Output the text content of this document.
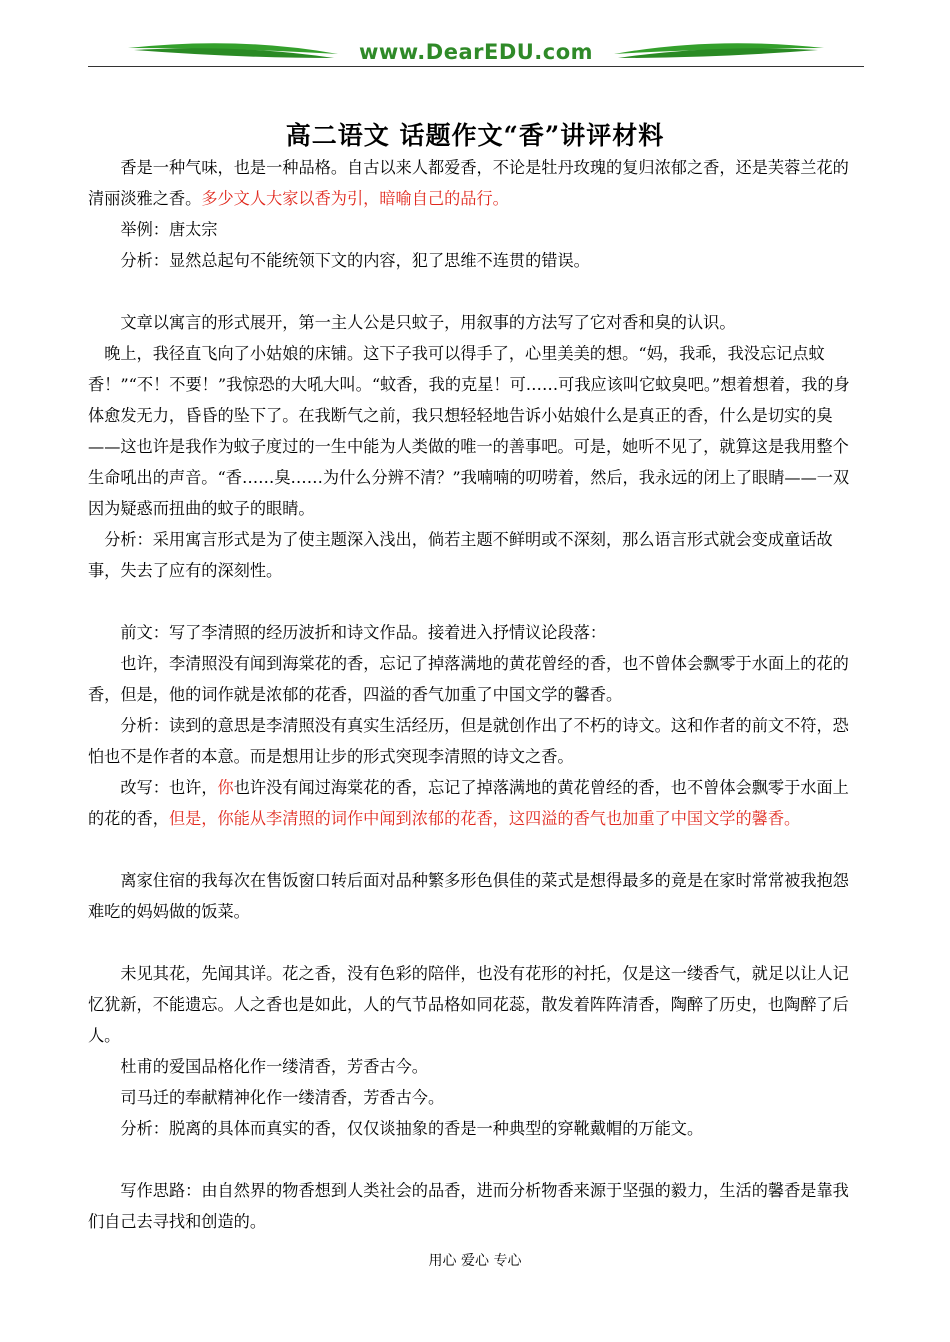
www.DearEDU.com
高二语文 话题作文“香”讲评材料

香是一种气味，也是一种品格。自古以来人都爱香，不论是牡丹玫瑰的复归浓郁之香，还是芙蓉兰花的清丽淡雅之香。多少文人大家以香为引，暗喻自己的品行。

举例：唐太宗

分析：显然总起句不能统领下文的内容，犯了思维不连贯的错误。

文章以寓言的形式展开，第一主人公是只蚊子，用叙事的方法写了它对香和臭的认识。

晚上，我径直飞向了小姑娘的床铺。这下子我可以得手了，心里美美的想。“妈，我乖，我没忘记点蚊香！”“不！不要！”我惊恐的大吼大叫。“蚊香，我的克星！可……可我应该叫它蚊臭吧。”想着想着，我的身体愈发无力，昏昏的坠下了。在我断气之前，我只想轻轻地告诉小姑娘什么是真正的香，什么是切实的臭——这也许是我作为蚊子度过的一生中能为人类做的唯一的善事吧。可是，她听不见了，就算这是我用整个生命吼出的声音。“香……臭……为什么分辨不清？”我喃喃的叨唠着，然后，我永远的闭上了眼睛——一双因为疑惑而扭曲的蚊子的眼睛。

分析：采用寓言形式是为了使主题深入浅出，倘若主题不鲜明或不深刻，那么语言形式就会变成童话故事，失去了应有的深刻性。

前文：写了李清照的经历波折和诗文作品。接着进入抒情议论段落：

也许，李清照没有闻到海棠花的香，忘记了掉落满地的黄花曾经的香，也不曾体会飘零于水面上的花的香，但是，他的词作就是浓郁的花香，四溢的香气加重了中国文学的馨香。

分析：读到的意思是李清照没有真实生活经历，但是就创作出了不朽的诗文。这和作者的前文不符，恐怕也不是作者的本意。而是想用让步的形式突现李清照的诗文之香。

改写：也许，你也许没有闻过海棠花的香，忘记了掉落满地的黄花曾经的香，也不曾体会飘零于水面上的花的香，但是，你能从李清照的词作中闻到浓郁的花香，这四溢的香气也加重了中国文学的馨香。

离家住宿的我每次在售饭窗口转后面对品种繁多形色俱佳的菜式是想得最多的竟是在家时常常被我抱怨难吃的妈妈做的饭菜。

未见其花，先闻其详。花之香，没有色彩的陪伴，也没有花形的衬托，仅是这一缕香气，就足以让人记忆犹新，不能遗忘。人之香也是如此，人的气节品格如同花蕊，散发着阵阵清香，陶醉了历史，也陶醉了后人。

杜甫的爱国品格化作一缕清香，芳香古今。

司马迁的奉献精神化作一缕清香，芳香古今。

分析：脱离的具体而真实的香，仅仅谈抽象的香是一种典型的穿靴戴帽的万能文。

写作思路：由自然界的物香想到人类社会的品香，进而分析物香来源于坚强的毅力，生活的馨香是靠我们自己去寻找和创造的。

用心 爱心 专心
